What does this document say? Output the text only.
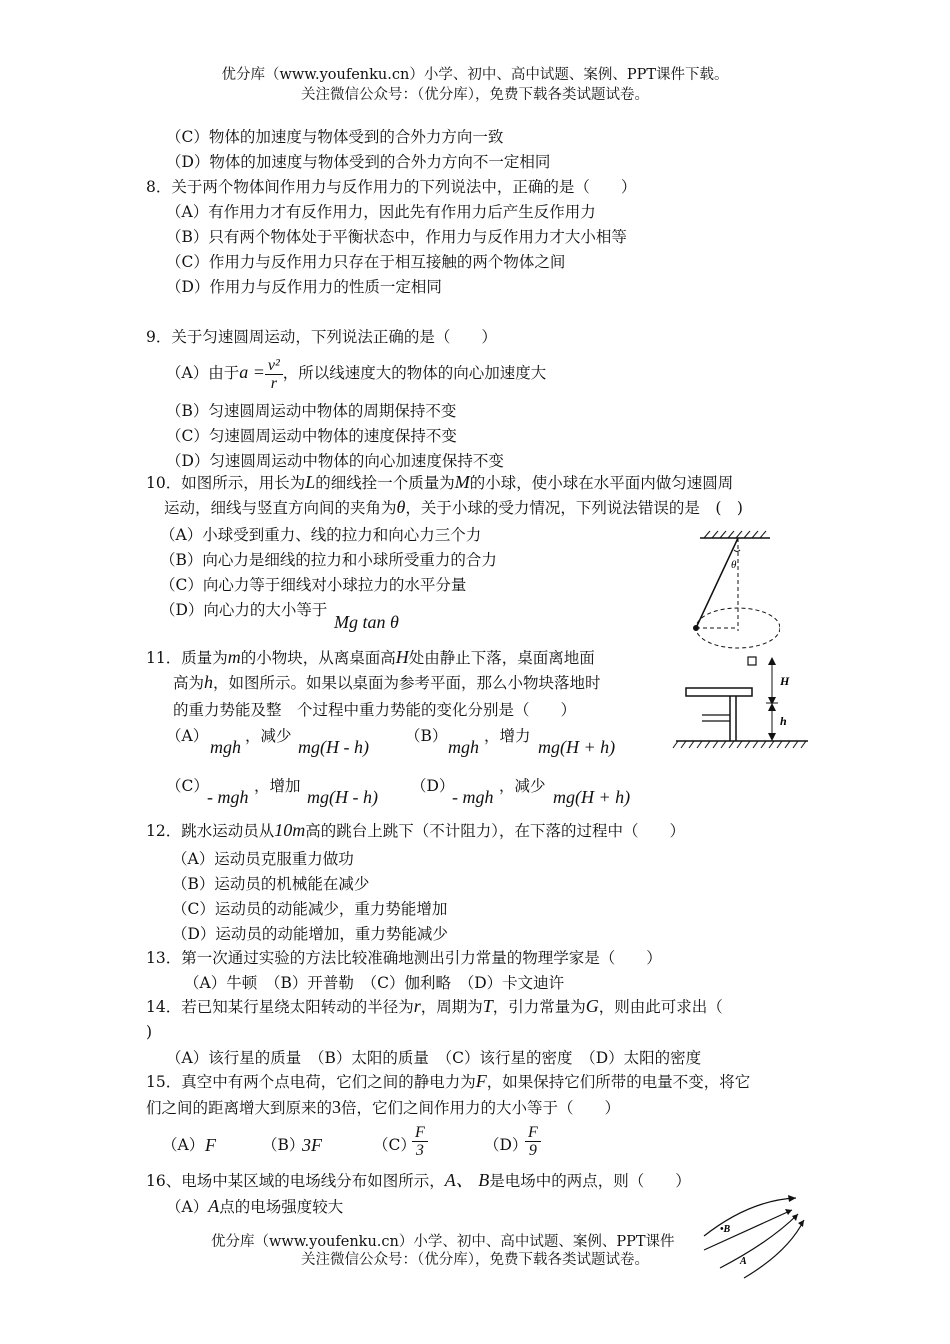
优分库（www.youfenku.cn）小学、初中、高中试题、案例、PPT课件下载。
关注微信公众号：（优分库），免费下载各类试题试卷。
（C）物体的加速度与物体受到的合外力方向一致
（D）物体的加速度与物体受到的合外力方向不一定相同
8．关于两个物体间作用力与反作用力的下列说法中，正确的是（　　）
（A）有作用力才有反作用力，因此先有作用力后产生反作用力
（B）只有两个物体处于平衡状态中，作用力与反作用力才大小相等
（C）作用力与反作用力只存在于相互接触的两个物体之间
（D）作用力与反作用力的性质一定相同
9．关于匀速圆周运动，下列说法正确的是（　　）
（A）由于$a = \frac{\text{v²}}{r}$ ，所以线速度大的物体的向心加速度大
（B）匀速圆周运动中物体的周期保持不变
（C）匀速圆周运动中物体的速度保持不变
（D）匀速圆周运动中物体的向心加速度保持不变
10．如图所示，用长为L的细线拴一个质量为M的小球，使小球在水平面内做匀速圆周
运动，细线与竖直方向间的夹角为θ，关于小球的受力情况，下列说法错误的是　(　)
（A）小球受到重力、线的拉力和向心力三个力
（B）向心力是细线的拉力和小球所受重力的合力
（C）向心力等于细线对小球拉力的水平分量
（D）向心力的大小等于
Mg tan θ
θ
11．质量为m的小物块，从离桌面高H处由静止下落，桌面离地面
高为h，如图所示。如果以桌面为参考平面，那么小物块落地时
的重力势能及整　个过程中重力势能的变化分别是（　　）
（A）
mgh
，减少
mg(H - h)
（B）
mgh
，增力
mg(H + h)
（C）
- mgh
，增加
mg(H - h)
（D）
- mgh
，减少
mg(H + h)
H
h
12．跳水运动员从10m高的跳台上跳下（不计阻力），在下落的过程中（　　）
（A）运动员克服重力做功
（B）运动员的机械能在减少
（C）运动员的动能减少，重力势能增加
（D）运动员的动能增加，重力势能减少
13．第一次通过实验的方法比较准确地测出引力常量的物理学家是（　　）
（A）牛顿　（B）开普勒　（C）伽利略　（D）卡文迪许
14．若已知某行星绕太阳转动的半径为r，周期为T，引力常量为G，则由此可求出（
)
（A）该行星的质量　（B）太阳的质量　（C）该行星的密度　（D）太阳的密度
15．真空中有两个点电荷，它们之间的静电力为F，如果保持它们所带的电量不变，将它
们之间的距离增大到原来的3倍，它们之间作用力的大小等于（　　）
（A） F	（B）
3F	（C）
$\frac{F}{3}$	（D）
$\frac{F}{9}$
16、电场中某区域的电场线分布如图所示，A、 B是电场中的两点，则（　　）
（A）A点的电场强度较大
•B
A
优分库（www.youfenku.cn）小学、初中、高中试题、案例、PPT课件
关注微信公众号：（优分库），免费下载各类试题试卷。
